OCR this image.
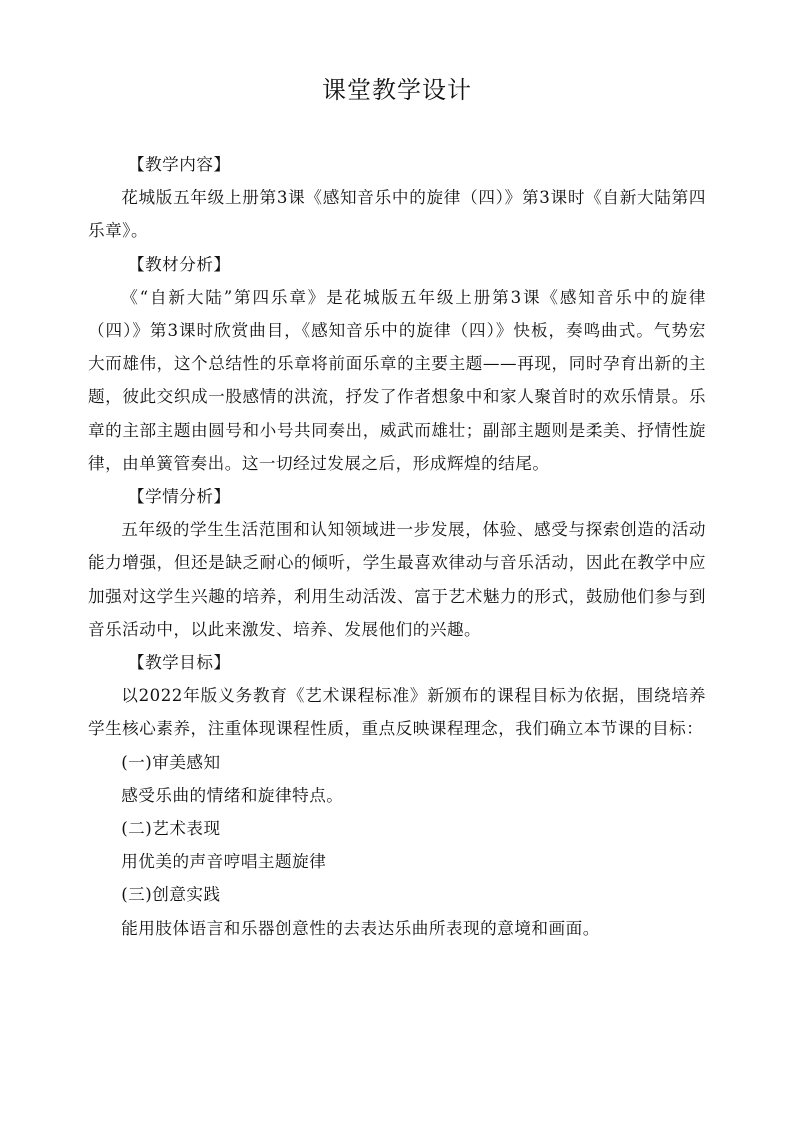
课堂教学设计

【教学内容】

花城版五年级上册第3课《感知音乐中的旋律（四）》第3课时《自新大陆第四乐章》。

【教材分析】

《“自新大陆”第四乐章》是花城版五年级上册第3课《感知音乐中的旋律（四）》第3课时欣赏曲目，《感知音乐中的旋律（四）》快板，奏鸣曲式。气势宏大而雄伟，这个总结性的乐章将前面乐章的主要主题——再现，同时孕育出新的主题，彼此交织成一股感情的洪流，抒发了作者想象中和家人聚首时的欢乐情景。乐章的主部主题由圆号和小号共同奏出，威武而雄壮；副部主题则是柔美、抒情性旋律，由单簧管奏出。这一切经过发展之后，形成辉煌的结尾。

【学情分析】

五年级的学生生活范围和认知领域进一步发展，体验、感受与探索创造的活动能力增强，但还是缺乏耐心的倾听，学生最喜欢律动与音乐活动，因此在教学中应加强对这学生兴趣的培养，利用生动活泼、富于艺术魅力的形式，鼓励他们参与到音乐活动中，以此来激发、培养、发展他们的兴趣。

【教学目标】

以2022年版义务教育《艺术课程标准》新颁布的课程目标为依据，围绕培养学生核心素养，注重体现课程性质，重点反映课程理念，我们确立本节课的目标：

(一)审美感知

感受乐曲的情绪和旋律特点。

(二)艺术表现

用优美的声音哼唱主题旋律

(三)创意实践

能用肢体语言和乐器创意性的去表达乐曲所表现的意境和画面。
